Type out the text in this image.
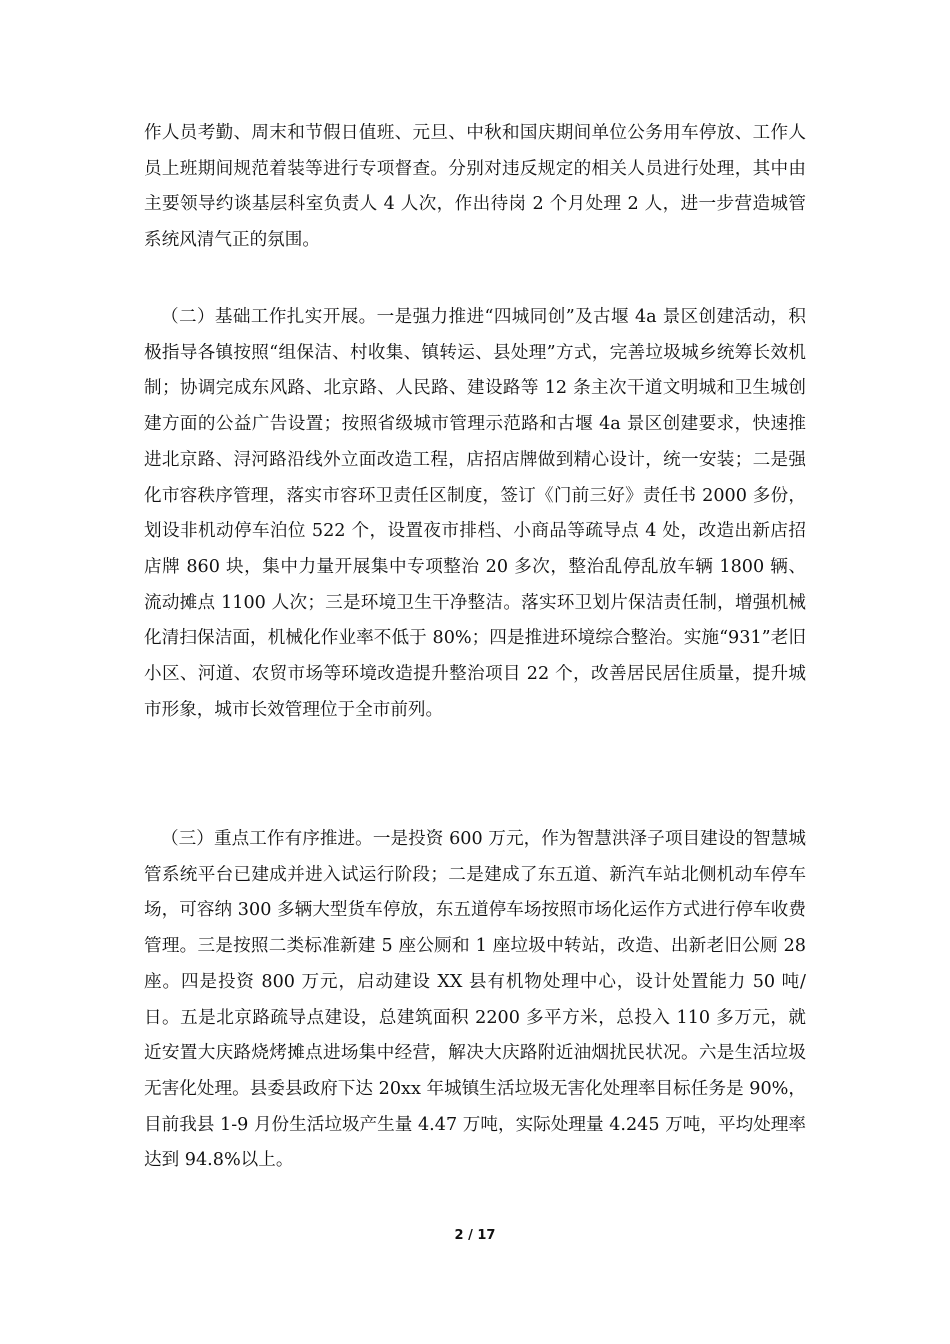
作人员考勤、周末和节假日值班、元旦、中秋和国庆期间单位公务用车停放、工作人员上班期间规范着装等进行专项督查。分别对违反规定的相关人员进行处理，其中由主要领导约谈基层科室负责人 4 人次，作出待岗 2 个月处理 2 人，进一步营造城管系统风清气正的氛围。

（二）基础工作扎实开展。一是强力推进“四城同创”及古堰 4a 景区创建活动，积极指导各镇按照“组保洁、村收集、镇转运、县处理”方式，完善垃圾城乡统筹长效机制；协调完成东风路、北京路、人民路、建设路等 12 条主次干道文明城和卫生城创建方面的公益广告设置；按照省级城市管理示范路和古堰 4a 景区创建要求，快速推进北京路、浔河路沿线外立面改造工程，店招店牌做到精心设计，统一安装；二是强化市容秩序管理，落实市容环卫责任区制度，签订《门前三好》责任书 2000 多份，划设非机动停车泊位 522 个，设置夜市排档、小商品等疏导点 4 处，改造出新店招店牌 860 块，集中力量开展集中专项整治 20 多次，整治乱停乱放车辆 1800 辆、流动摊点 1100 人次；三是环境卫生干净整洁。落实环卫划片保洁责任制，增强机械化清扫保洁面，机械化作业率不低于 80%；四是推进环境综合整治。实施“931”老旧小区、河道、农贸市场等环境改造提升整治项目 22 个，改善居民居住质量，提升城市形象，城市长效管理位于全市前列。

（三）重点工作有序推进。一是投资 600 万元，作为智慧洪泽子项目建设的智慧城管系统平台已建成并进入试运行阶段；二是建成了东五道、新汽车站北侧机动车停车场，可容纳 300 多辆大型货车停放，东五道停车场按照市场化运作方式进行停车收费管理。三是按照二类标准新建 5 座公厕和 1 座垃圾中转站，改造、出新老旧公厕 28 座。四是投资 800 万元，启动建设 XX 县有机物处理中心，设计处置能力 50 吨/日。五是北京路疏导点建设，总建筑面积 2200 多平方米，总投入 110 多万元，就近安置大庆路烧烤摊点进场集中经营，解决大庆路附近油烟扰民状况。六是生活垃圾无害化处理。县委县政府下达 20xx 年城镇生活垃圾无害化处理率目标任务是 90%，目前我县 1-9 月份生活垃圾产生量 4.47 万吨，实际处理量 4.245 万吨，平均处理率达到 94.8%以上。

2 / 17
